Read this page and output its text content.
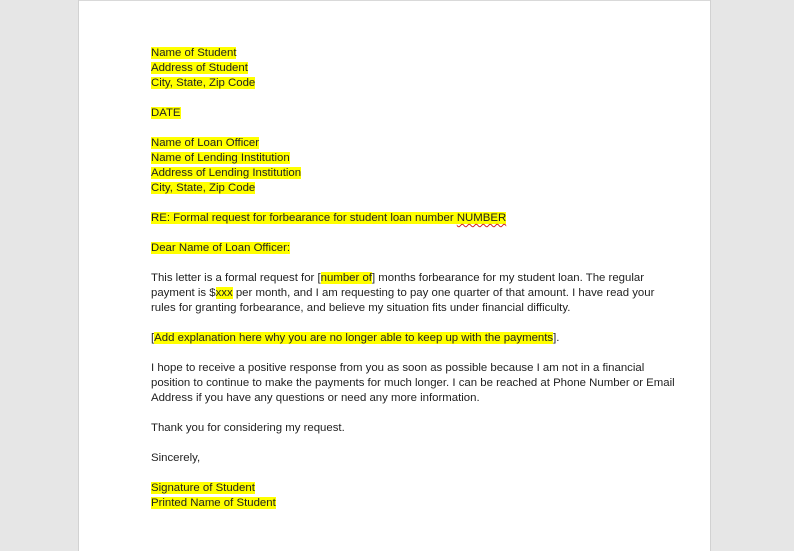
Name of Student
Address of Student
City, State, Zip Code
DATE
Name of Loan Officer
Name of Lending Institution
Address of Lending Institution
City, State, Zip Code
RE: Formal request for forbearance for student loan number NUMBER
Dear Name of Loan Officer:
This letter is a formal request for [number of] months forbearance for my student loan. The regular
payment is $xxx per month, and I am requesting to pay one quarter of that amount. I have read your
rules for granting forbearance, and believe my situation fits under financial difficulty.
[Add explanation here why you are no longer able to keep up with the payments].
I hope to receive a positive response from you as soon as possible because I am not in a financial
position to continue to make the payments for much longer. I can be reached at Phone Number or Email
Address if you have any questions or need any more information.
Thank you for considering my request.
Sincerely,
Signature of Student
Printed Name of Student
